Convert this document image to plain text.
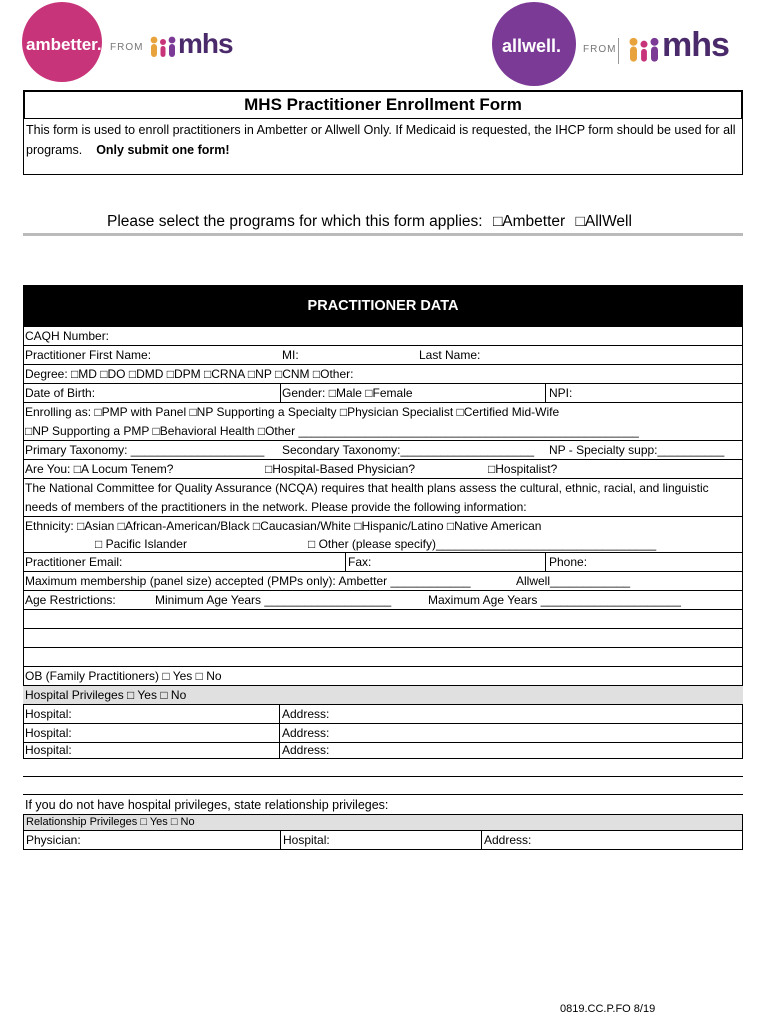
ambetter. FROM mhs	allwell. FROM mhs
MHS Practitioner Enrollment Form
This form is used to enroll practitioners in Ambetter or Allwell Only. If Medicaid is requested, the IHCP form should be used for all programs. Only submit one form!
Please select the programs for which this form applies: □Ambetter □AllWell
PRACTITIONER DATA
CAQH Number:
Practitioner First Name:	MI:	Last Name:
Degree: □MD □DO □DMD □DPM □CRNA □NP □CNM □Other:
Date of Birth:	Gender: □Male □Female	NPI:
Enrolling as: □PMP with Panel □NP Supporting a Specialty □Physician Specialist □Certified Mid-Wife
□NP Supporting a PMP □Behavioral Health □Other ___________________________________________________
Primary Taxonomy: ____________________ Secondary Taxonomy:____________________ NP - Specialty supp:__________
Are You: □A Locum Tenem?	□Hospital-Based Physician?	□Hospitalist?
The National Committee for Quality Assurance (NCQA) requires that health plans assess the cultural, ethnic, racial, and linguistic needs of members of the practitioners in the network. Please provide the following information:
Ethnicity: □Asian □African-American/Black □Caucasian/White □Hispanic/Latino □Native American
□ Pacific Islander	□ Other (please specify)_________________________________
Practitioner Email:	Fax:	Phone:
Maximum membership (panel size) accepted (PMPs only): Ambetter ____________	Allwell____________
Age Restrictions:	Minimum Age Years ___________________	Maximum Age Years _____________________
OB (Family Practitioners) □ Yes □ No
Hospital Privileges □ Yes □ No
Hospital:	Address:
Hospital:	Address:
Hospital:	Address:
If you do not have hospital privileges, state relationship privileges:
Relationship Privileges □ Yes □ No
Physician:	Hospital:	Address:
0819.CC.P.FO 8/19
